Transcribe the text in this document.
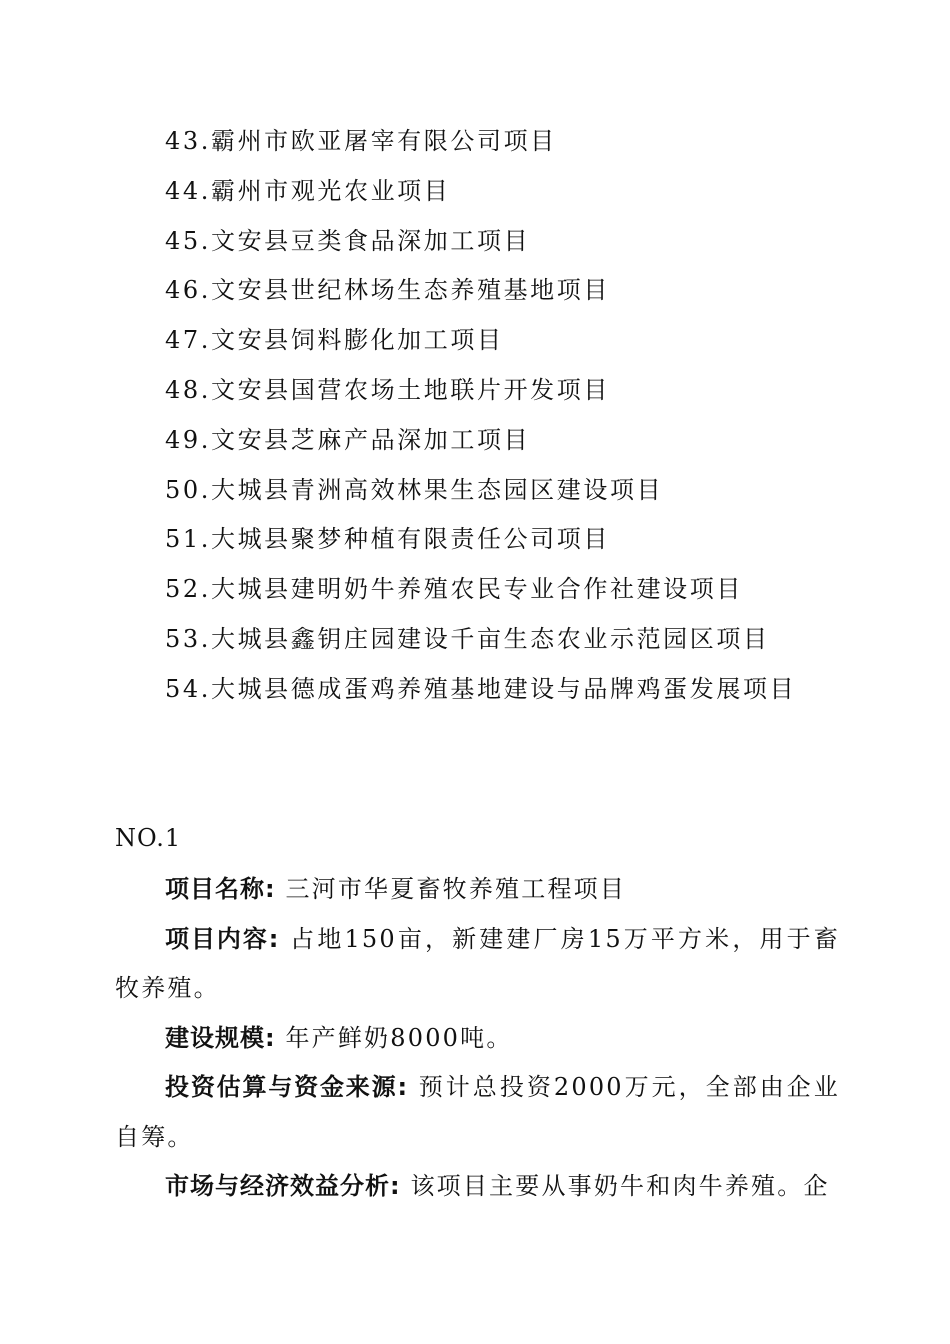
43.霸州市欧亚屠宰有限公司项目
44.霸州市观光农业项目
45.文安县豆类食品深加工项目
46.文安县世纪林场生态养殖基地项目
47.文安县饲料膨化加工项目
48.文安县国营农场土地联片开发项目
49.文安县芝麻产品深加工项目
50.大城县青洲高效林果生态园区建设项目
51.大城县聚梦种植有限责任公司项目
52.大城县建明奶牛养殖农民专业合作社建设项目
53.大城县鑫钥庄园建设千亩生态农业示范园区项目
54.大城县德成蛋鸡养殖基地建设与品牌鸡蛋发展项目
NO.1

项目名称: 三河市华夏畜牧养殖工程项目

项目内容: 占地150亩，新建建厂房15万平方米，用于畜牧养殖。

建设规模: 年产鲜奶8000吨。

投资估算与资金来源: 预计总投资2000万元，全部由企业自筹。

市场与经济效益分析: 该项目主要从事奶牛和肉牛养殖。企
